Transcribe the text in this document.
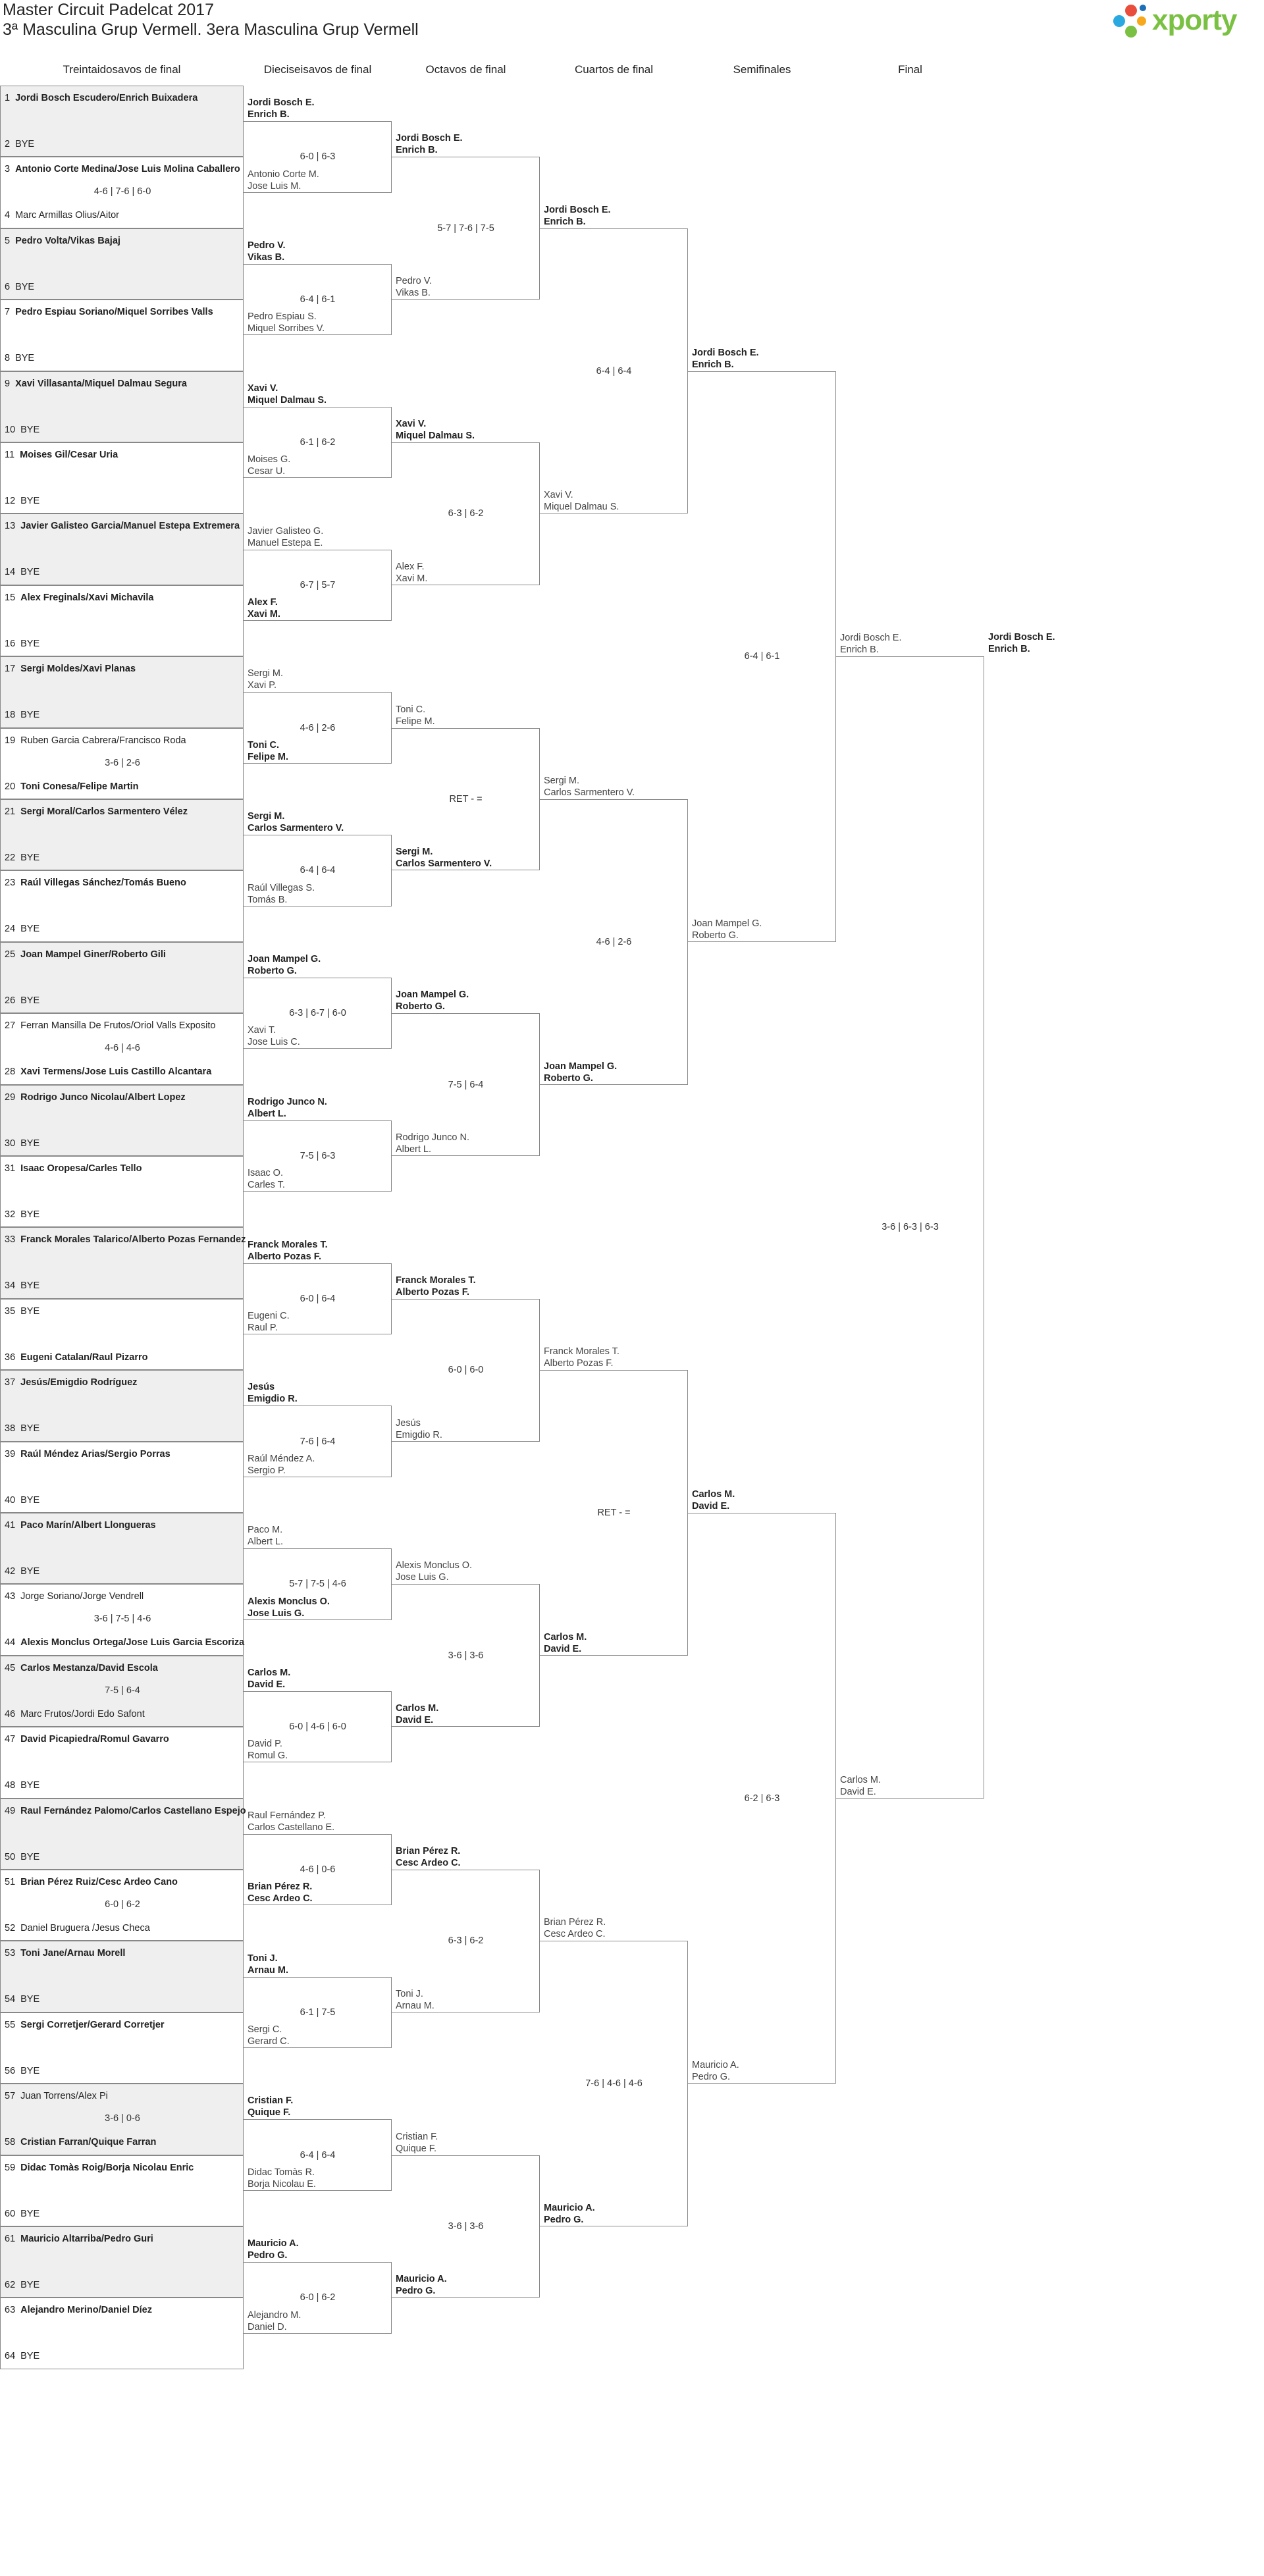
Master Circuit Padelcat 2017
3ª Masculina Grup Vermell. 3era Masculina Grup Vermell	xporty
Treintaidosavos de final	Dieciseisavos de final	Octavos de final	Cuartos de final	Semifinales	Final
1 Jordi Bosch Escudero/Enrich Buixadera
2 BYE
3 Antonio Corte Medina/Jose Luis Molina Caballero
4 Marc Armillas Olius/Aitor
4-6 | 7-6 | 6-0
5 Pedro Volta/Vikas Bajaj
6 BYE
7 Pedro Espiau Soriano/Miquel Sorribes Valls
8 BYE
9 Xavi Villasanta/Miquel Dalmau Segura
10 BYE
11 Moises Gil/Cesar Uria
12 BYE
13 Javier Galisteo Garcia/Manuel Estepa Extremera
14 BYE
15 Alex Freginals/Xavi Michavila
16 BYE
17 Sergi Moldes/Xavi Planas
18 BYE
19 Ruben Garcia Cabrera/Francisco Roda
20 Toni Conesa/Felipe Martin
3-6 | 2-6
21 Sergi Moral/Carlos Sarmentero Vélez
22 BYE
23 Raúl Villegas Sánchez/Tomás Bueno
24 BYE
25 Joan Mampel Giner/Roberto Gili
26 BYE
27 Ferran Mansilla De Frutos/Oriol Valls Exposito
28 Xavi Termens/Jose Luis Castillo Alcantara
4-6 | 4-6
29 Rodrigo Junco Nicolau/Albert Lopez
30 BYE
31 Isaac Oropesa/Carles Tello
32 BYE
33 Franck Morales Talarico/Alberto Pozas Fernandez
34 BYE
35 BYE
36 Eugeni Catalan/Raul Pizarro
37 Jesús/Emigdio Rodríguez
38 BYE
39 Raúl Méndez Arias/Sergio Porras
40 BYE
41 Paco Marín/Albert Llongueras
42 BYE
43 Jorge Soriano/Jorge Vendrell
44 Alexis Monclus Ortega/Jose Luis Garcia Escoriza
3-6 | 7-5 | 4-6
45 Carlos Mestanza/David Escola
46 Marc Frutos/Jordi Edo Safont
7-5 | 6-4
47 David Picapiedra/Romul Gavarro
48 BYE
49 Raul Fernández Palomo/Carlos Castellano Espejo
50 BYE
51 Brian Pérez Ruiz/Cesc Ardeo Cano
52 Daniel Bruguera /Jesus Checa
6-0 | 6-2
53 Toni Jane/Arnau Morell
54 BYE
55 Sergi Corretjer/Gerard Corretjer
56 BYE
57 Juan Torrens/Alex Pi
58 Cristian Farran/Quique Farran
3-6 | 0-6
59 Didac Tomàs Roig/Borja Nicolau Enric
60 BYE
61 Mauricio Altarriba/Pedro Guri
62 BYE
63 Alejandro Merino/Daniel Díez
64 BYE
Jordi Bosch E.
Enrich B.
Antonio Corte M.
Jose Luis M.
6-0 | 6-3
Pedro V.
Vikas B.
Pedro Espiau S.
Miquel Sorribes V.
6-4 | 6-1
Xavi V.
Miquel Dalmau S.
Moises G.
Cesar U.
6-1 | 6-2
Javier Galisteo G.
Manuel Estepa E.
Alex F.
Xavi M.
6-7 | 5-7
Sergi M.
Xavi P.
Toni C.
Felipe M.
4-6 | 2-6
Sergi M.
Carlos Sarmentero V.
Raúl Villegas S.
Tomás B.
6-4 | 6-4
Joan Mampel G.
Roberto G.
Xavi T.
Jose Luis C.
6-3 | 6-7 | 6-0
Rodrigo Junco N.
Albert L.
Isaac O.
Carles T.
7-5 | 6-3
Franck Morales T.
Alberto Pozas F.
Eugeni C.
Raul P.
6-0 | 6-4
Jesús
Emigdio R.
Raúl Méndez A.
Sergio P.
7-6 | 6-4
Paco M.
Albert L.
Alexis Monclus O.
Jose Luis G.
5-7 | 7-5 | 4-6
Carlos M.
David E.
David P.
Romul G.
6-0 | 4-6 | 6-0
Raul Fernández P.
Carlos Castellano E.
Brian Pérez R.
Cesc Ardeo C.
4-6 | 0-6
Toni J.
Arnau M.
Sergi C.
Gerard C.
6-1 | 7-5
Cristian F.
Quique F.
Didac Tomàs R.
Borja Nicolau E.
6-4 | 6-4
Mauricio A.
Pedro G.
Alejandro M.
Daniel D.
6-0 | 6-2
Jordi Bosch E.
Enrich B.
Pedro V.
Vikas B.
5-7 | 7-6 | 7-5
Xavi V.
Miquel Dalmau S.
Alex F.
Xavi M.
6-3 | 6-2
Toni C.
Felipe M.
Sergi M.
Carlos Sarmentero V.
RET - =
Joan Mampel G.
Roberto G.
Rodrigo Junco N.
Albert L.
7-5 | 6-4
Franck Morales T.
Alberto Pozas F.
Jesús
Emigdio R.
6-0 | 6-0
Alexis Monclus O.
Jose Luis G.
Carlos M.
David E.
3-6 | 3-6
Brian Pérez R.
Cesc Ardeo C.
Toni J.
Arnau M.
6-3 | 6-2
Cristian F.
Quique F.
Mauricio A.
Pedro G.
3-6 | 3-6
Jordi Bosch E.
Enrich B.
Xavi V.
Miquel Dalmau S.
6-4 | 6-4
Sergi M.
Carlos Sarmentero V.
Joan Mampel G.
Roberto G.
4-6 | 2-6
Franck Morales T.
Alberto Pozas F.
Carlos M.
David E.
RET - =
Brian Pérez R.
Cesc Ardeo C.
Mauricio A.
Pedro G.
7-6 | 4-6 | 4-6
Jordi Bosch E.
Enrich B.
Joan Mampel G.
Roberto G.
6-4 | 6-1
Carlos M.
David E.
Mauricio A.
Pedro G.
6-2 | 6-3
Jordi Bosch E.
Enrich B.
Carlos M.
David E.
3-6 | 6-3 | 6-3
Jordi Bosch E.
Enrich B.
